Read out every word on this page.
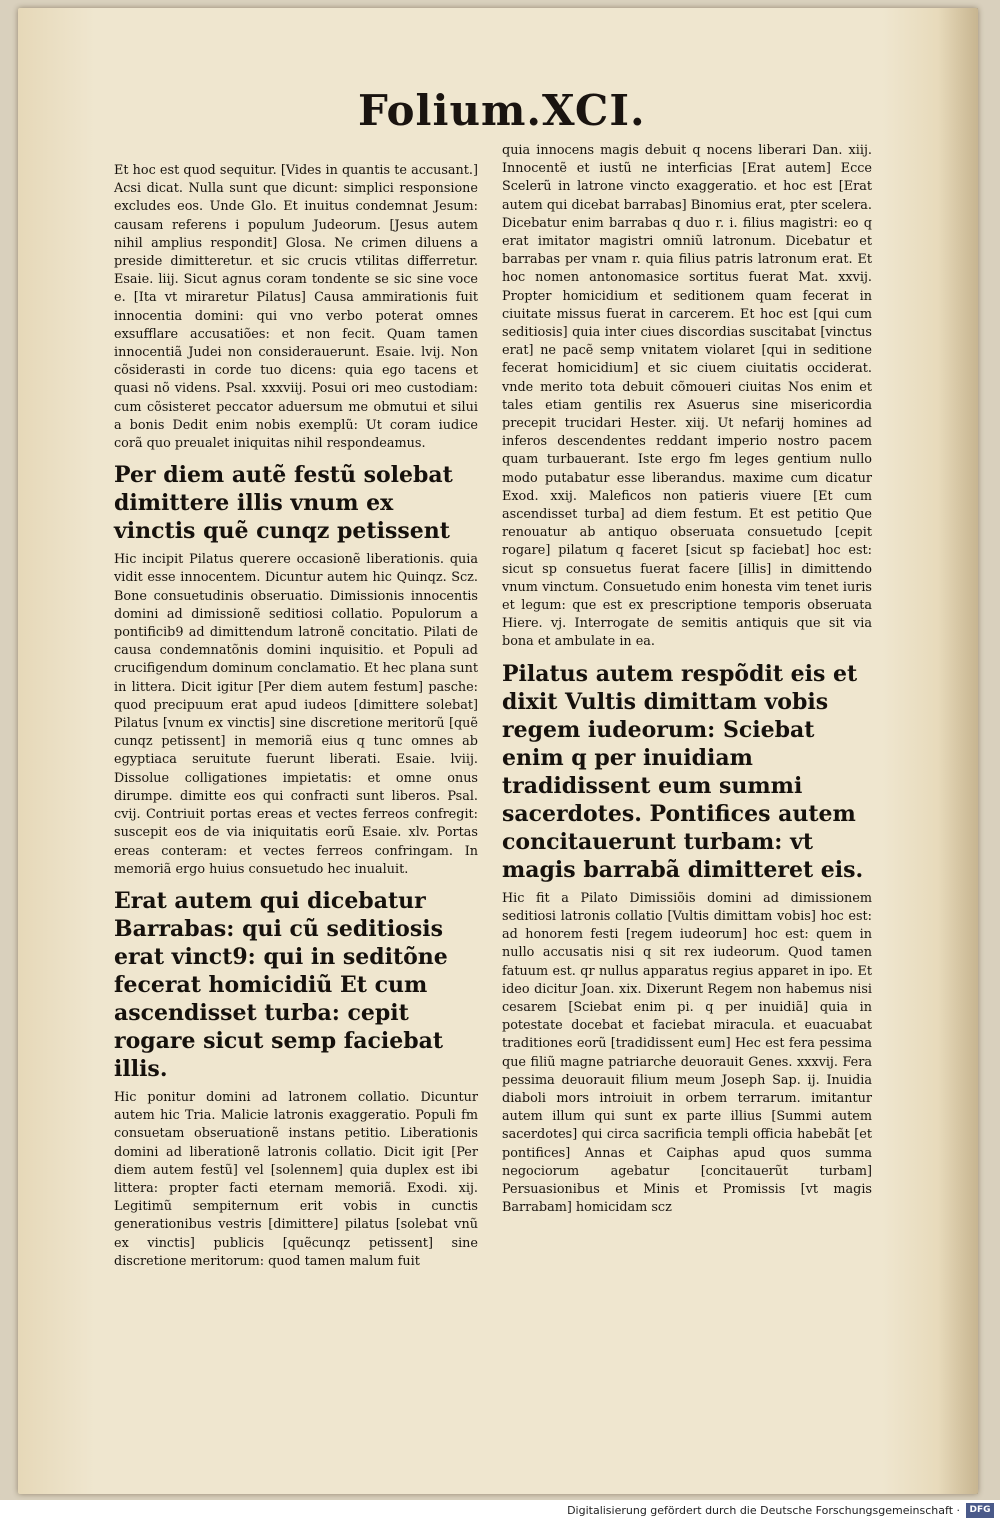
Folium.XCI.

Et hoc est quod sequitur. [Vides in quantis te accusant.] Acsi dicat. Nulla sunt que dicunt: simplici responsione excludes eos. Unde Glo. Et inuitus condemnat Jesum: causam referens i populum Judeorum. [Jesus autem nihil amplius respondit] Glosa. Ne crimen diluens a preside dimitteretur. et sic crucis vtilitas differretur. Esaie. liij. Sicut agnus coram tondente se sic sine voce e. [Ita vt miraretur Pilatus] Causa ammirationis fuit innocentia domini: qui vno verbo poterat omnes exsufflare accusatiões: et non fecit. Quam tamen innocentiã Judei non considerauerunt. Esaie. lvij. Non cõsiderasti in corde tuo dicens: quia ego tacens et quasi nõ videns. Psal. xxxviij. Posui ori meo custodiam: cum cõsisteret peccator aduersum me obmutui et silui a bonis Dedit enim nobis exemplũ: Ut coram iudice corã quo preualet iniquitas nihil respondeamus.

Per diem autẽ festũ solebat dimittere illis vnum ex vinctis quẽ cunqz petissent

Hic incipit Pilatus querere occasionẽ liberationis. quia vidit esse innocentem. Dicuntur autem hic Quinqz. Scz. Bone consuetudinis obseruatio. Dimissionis innocentis domini ad dimissionẽ seditiosi collatio. Populorum a pontificib9 ad dimittendum latronẽ concitatio. Pilati de causa condemnatõnis domini inquisitio. et Populi ad crucifigendum dominum conclamatio. Et hec plana sunt in littera. Dicit igitur [Per diem autem festum] pasche: quod precipuum erat apud iudeos [dimittere solebat] Pilatus [vnum ex vinctis] sine discretione meritorũ [quẽ cunqz petissent] in memoriã eius q tunc omnes ab egyptiaca seruitute fuerunt liberati. Esaie. lviij. Dissolue colligationes impietatis: et omne onus dirumpe. dimitte eos qui confracti sunt liberos. Psal. cvij. Contriuit portas ereas et vectes ferreos confregit: suscepit eos de via iniquitatis eorũ Esaie. xlv. Portas ereas conteram: et vectes ferreos confringam. In memoriã ergo huius consuetudo hec inualuit.

Erat autem qui dicebatur Barrabas: qui cũ seditiosis erat vinct9: qui in seditõne fecerat homicidiũ Et cum ascendisset turba: cepit rogare sicut semp faciebat illis.

Hic ponitur domini ad latronem collatio. Dicuntur autem hic Tria. Malicie latronis exaggeratio. Populi fm consuetam obseruationẽ instans petitio. Liberationis domini ad liberationẽ latronis collatio. Dicit igit [Per diem autem festũ] vel [solennem] quia duplex est ibi littera: propter facti eternam memoriã. Exodi. xij. Legitimũ sempiternum erit vobis in cunctis generationibus vestris [dimittere] pilatus [solebat vnũ ex vinctis] publicis [quẽcunqz petissent] sine discretione meritorum: quod tamen malum fuit

quia innocens magis debuit q nocens liberari Dan. xiij. Innocentẽ et iustũ ne interficias [Erat autem] Ecce Scelerũ in latrone vincto exaggeratio. et hoc est [Erat autem qui dicebat barrabas] Binomius erat, pter scelera. Dicebatur enim barrabas q duo r. i. filius magistri: eo q erat imitator magistri omniũ latronum. Dicebatur et barrabas per vnam r. quia filius patris latronum erat. Et hoc nomen antonomasice sortitus fuerat Mat. xxvij. Propter homicidium et seditionem quam fecerat in ciuitate missus fuerat in carcerem. Et hoc est [qui cum seditiosis] quia inter ciues discordias suscitabat [vinctus erat] ne pacẽ semp vnitatem violaret [qui in seditione fecerat homicidium] et sic ciuem ciuitatis occiderat. vnde merito tota debuit cõmoueri ciuitas Nos enim et tales etiam gentilis rex Asuerus sine misericordia precepit trucidari Hester. xiij. Ut nefarij homines ad inferos descendentes reddant imperio nostro pacem quam turbauerant. Iste ergo fm leges gentium nullo modo putabatur esse liberandus. maxime cum dicatur Exod. xxij. Maleficos non patieris viuere [Et cum ascendisset turba] ad diem festum. Et est petitio Que renouatur ab antiquo obseruata consuetudo [cepit rogare] pilatum q faceret [sicut sp faciebat] hoc est: sicut sp consuetus fuerat facere [illis] in dimittendo vnum vinctum. Consuetudo enim honesta vim tenet iuris et legum: que est ex prescriptione temporis obseruata Hiere. vj. Interrogate de semitis antiquis que sit via bona et ambulate in ea.

Pilatus autem respõdit eis et dixit Vultis dimittam vobis regem iudeorum: Sciebat enim q per inuidiam tradidissent eum summi sacerdotes. Pontifices autem concitauerunt turbam: vt magis barrabã dimitteret eis.

Hic fit a Pilato Dimissiõis domini ad dimissionem seditiosi latronis collatio [Vultis dimittam vobis] hoc est: ad honorem festi [regem iudeorum] hoc est: quem in nullo accusatis nisi q sit rex iudeorum. Quod tamen fatuum est. qr nullus apparatus regius apparet in ipo. Et ideo dicitur Joan. xix. Dixerunt Regem non habemus nisi cesarem [Sciebat enim pi. q per inuidiã] quia in potestate docebat et faciebat miracula. et euacuabat traditiones eorũ [tradidissent eum] Hec est fera pessima que filiũ magne patriarche deuorauit Genes. xxxvij. Fera pessima deuorauit filium meum Joseph Sap. ij. Inuidia diaboli mors introiuit in orbem terrarum. imitantur autem illum qui sunt ex parte illius [Summi autem sacerdotes] qui circa sacrificia templi officia habebãt [et pontifices] Annas et Caiphas apud quos summa negociorum agebatur [concitauerũt turbam] Persuasionibus et Minis et Promissis [vt magis Barrabam] homicidam scz

Digitalisierung gefördert durch die Deutsche Forschungsgemeinschaft ·	DFG
